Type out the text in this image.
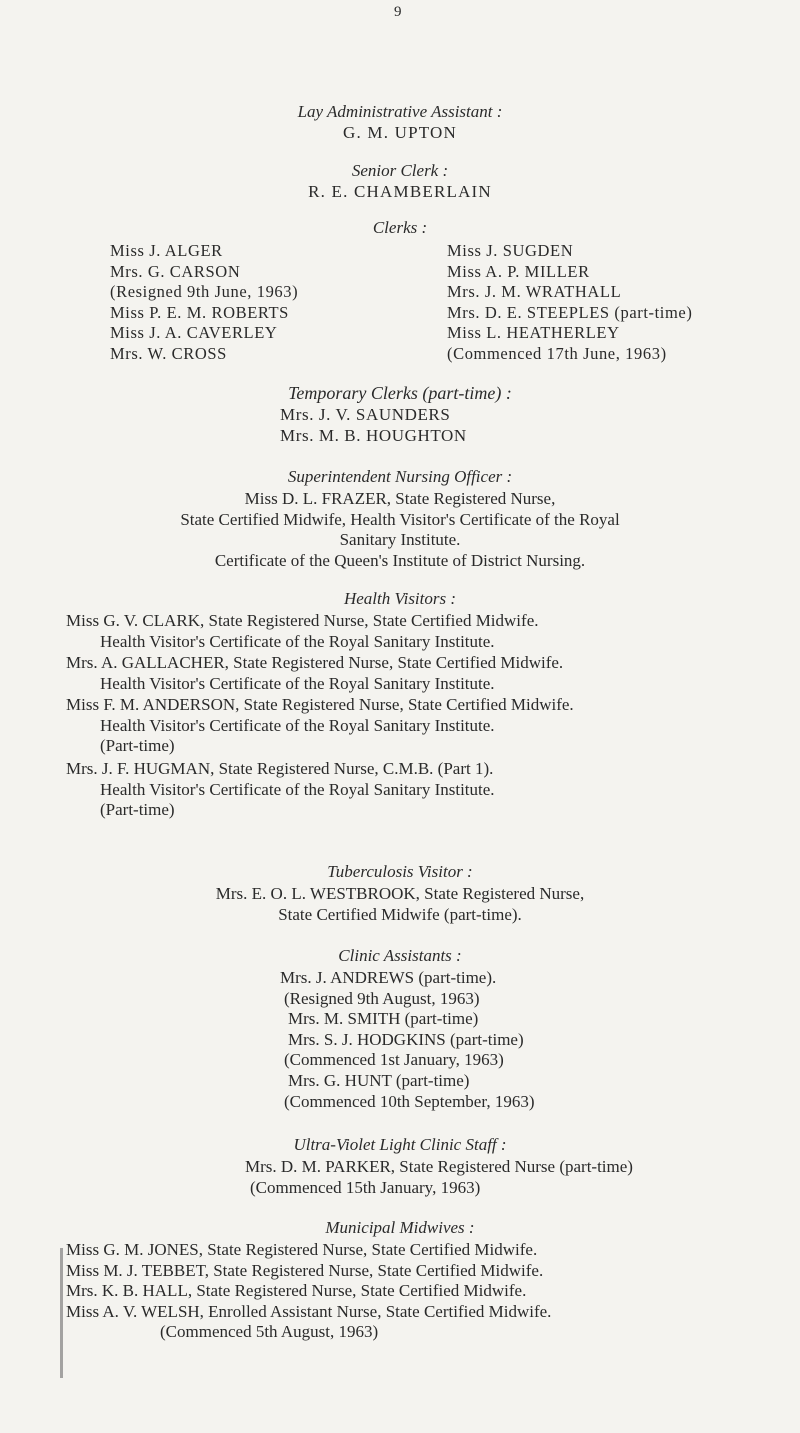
9
Lay Administrative Assistant :
G. M. UPTON
Senior Clerk :
R. E. CHAMBERLAIN
Clerks :
Miss J. ALGER
Mrs. G. CARSON
(Resigned 9th June, 1963)
Miss P. E. M. ROBERTS
Miss J. A. CAVERLEY
Mrs. W. CROSS
Miss J. SUGDEN
Miss A. P. MILLER
Mrs. J. M. WRATHALL
Mrs. D. E. STEEPLES (part-time)
Miss L. HEATHERLEY
(Commenced 17th June, 1963)
Temporary Clerks (part-time) :
Mrs. J. V. SAUNDERS
Mrs. M. B. HOUGHTON
Superintendent Nursing Officer :
Miss D. L. FRAZER, State Registered Nurse,
State Certified Midwife, Health Visitor's Certificate of the Royal
Sanitary Institute.
Certificate of the Queen's Institute of District Nursing.
Health Visitors :
Miss G. V. CLARK, State Registered Nurse, State Certified Midwife.
Health Visitor's Certificate of the Royal Sanitary Institute.
Mrs. A. GALLACHER, State Registered Nurse, State Certified Midwife.
Health Visitor's Certificate of the Royal Sanitary Institute.
Miss F. M. ANDERSON, State Registered Nurse, State Certified Midwife.
Health Visitor's Certificate of the Royal Sanitary Institute.
(Part-time)
Mrs. J. F. HUGMAN, State Registered Nurse, C.M.B. (Part 1).
Health Visitor's Certificate of the Royal Sanitary Institute.
(Part-time)
Tuberculosis Visitor :
Mrs. E. O. L. WESTBROOK, State Registered Nurse,
State Certified Midwife (part-time).
Clinic Assistants :
Mrs. J. ANDREWS (part-time).
(Resigned 9th August, 1963)
Mrs. M. SMITH (part-time)
Mrs. S. J. HODGKINS (part-time)
(Commenced 1st January, 1963)
Mrs. G. HUNT (part-time)
(Commenced 10th September, 1963)
Ultra-Violet Light Clinic Staff :
Mrs. D. M. PARKER, State Registered Nurse (part-time)
(Commenced 15th January, 1963)
Municipal Midwives :
Miss G. M. JONES, State Registered Nurse, State Certified Midwife.
Miss M. J. TEBBET, State Registered Nurse, State Certified Midwife.
Mrs. K. B. HALL, State Registered Nurse, State Certified Midwife.
Miss A. V. WELSH, Enrolled Assistant Nurse, State Certified Midwife.
(Commenced 5th August, 1963)
